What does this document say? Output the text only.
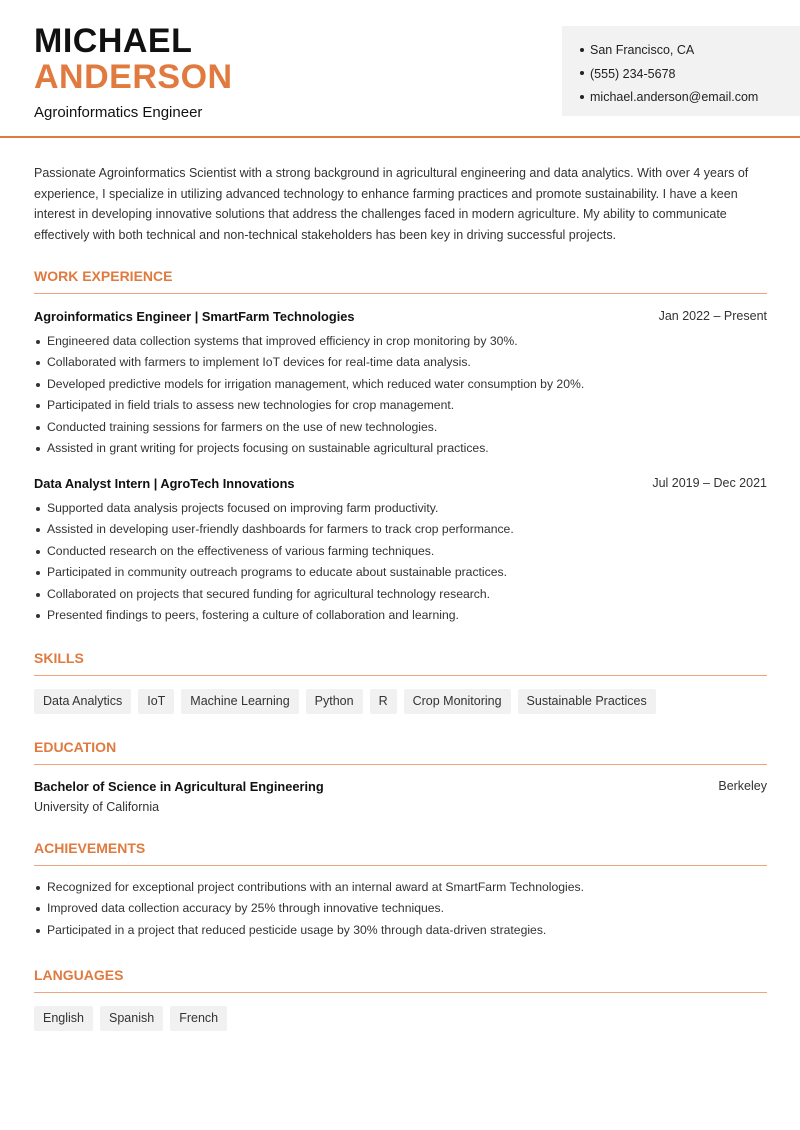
MICHAEL
ANDERSON
Agroinformatics Engineer
San Francisco, CA
(555) 234-5678
michael.anderson@email.com
Passionate Agroinformatics Scientist with a strong background in agricultural engineering and data analytics. With over 4 years of experience, I specialize in utilizing advanced technology to enhance farming practices and promote sustainability. I have a keen interest in developing innovative solutions that address the challenges faced in modern agriculture. My ability to communicate effectively with both technical and non-technical stakeholders has been key in driving successful projects.
WORK EXPERIENCE
Agroinformatics Engineer | SmartFarm Technologies	Jan 2022 – Present
Engineered data collection systems that improved efficiency in crop monitoring by 30%.
Collaborated with farmers to implement IoT devices for real-time data analysis.
Developed predictive models for irrigation management, which reduced water consumption by 20%.
Participated in field trials to assess new technologies for crop management.
Conducted training sessions for farmers on the use of new technologies.
Assisted in grant writing for projects focusing on sustainable agricultural practices.
Data Analyst Intern | AgroTech Innovations	Jul 2019 – Dec 2021
Supported data analysis projects focused on improving farm productivity.
Assisted in developing user-friendly dashboards for farmers to track crop performance.
Conducted research on the effectiveness of various farming techniques.
Participated in community outreach programs to educate about sustainable practices.
Collaborated on projects that secured funding for agricultural technology research.
Presented findings to peers, fostering a culture of collaboration and learning.
SKILLS
Data Analytics	IoT	Machine Learning	Python	R	Crop Monitoring	Sustainable Practices
EDUCATION
Bachelor of Science in Agricultural Engineering	Berkeley
University of California
ACHIEVEMENTS
Recognized for exceptional project contributions with an internal award at SmartFarm Technologies.
Improved data collection accuracy by 25% through innovative techniques.
Participated in a project that reduced pesticide usage by 30% through data-driven strategies.
LANGUAGES
English	Spanish	French
